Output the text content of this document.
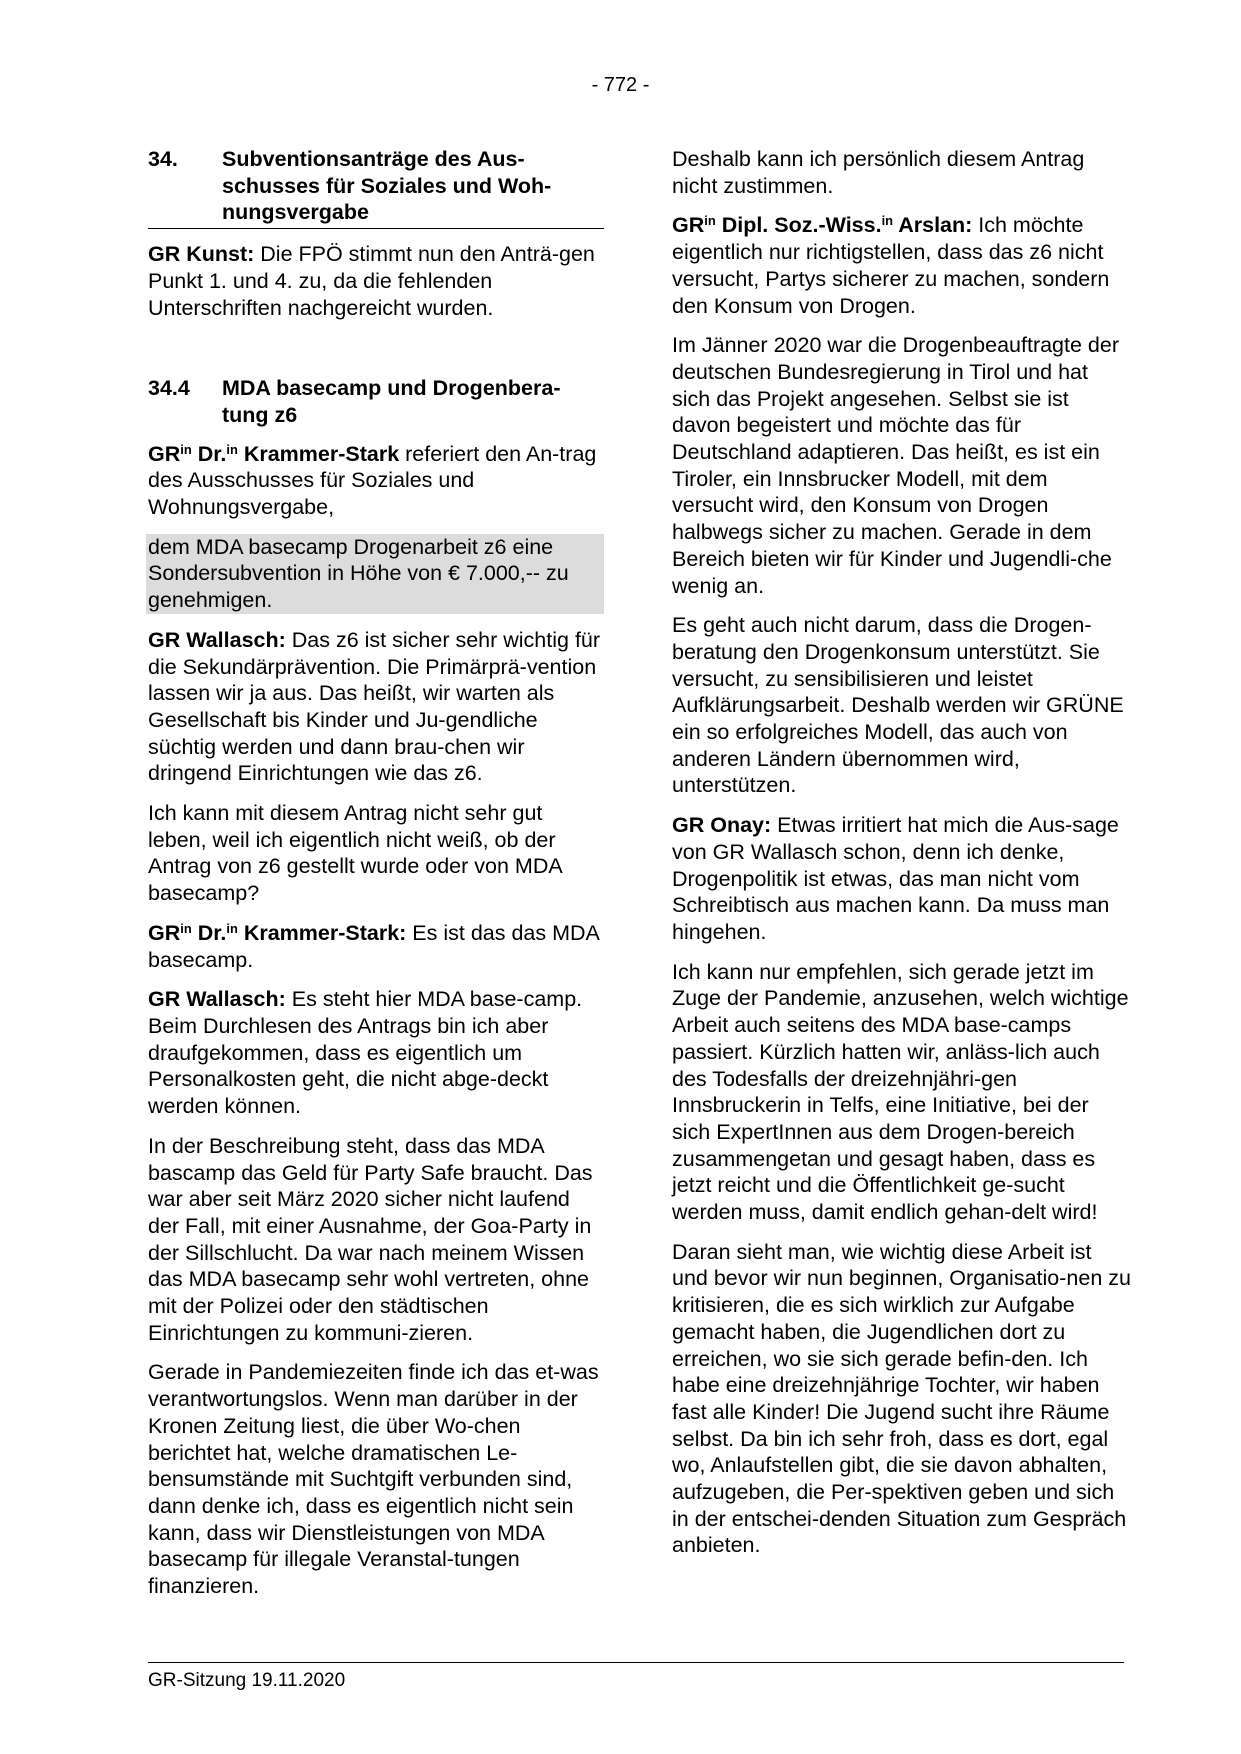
- 772 -
34.	Subventionsanträge des Aus-schusses für Soziales und Woh-nungsvergabe

GR Kunst: Die FPÖ stimmt nun den Anträ-gen Punkt 1. und 4. zu, da die fehlenden Unterschriften nachgereicht wurden.

34.4	MDA basecamp und Drogenbera-tung z6

$GR^{in}$ Dr.$^{in}$ Krammer-Stark referiert den An-trag des Ausschusses für Soziales und Wohnungsvergabe,

dem MDA basecamp Drogenarbeit z6 eine Sondersubvention in Höhe von € 7.000,-- zu genehmigen.

GR Wallasch: Das z6 ist sicher sehr wichtig für die Sekundärprävention. Die Primärprä-vention lassen wir ja aus. Das heißt, wir warten als Gesellschaft bis Kinder und Ju-gendliche süchtig werden und dann brau-chen wir dringend Einrichtungen wie das z6.

Ich kann mit diesem Antrag nicht sehr gut leben, weil ich eigentlich nicht weiß, ob der Antrag von z6 gestellt wurde oder von MDA basecamp?

$GR^{in}$ Dr.$^{in}$ Krammer-Stark: Es ist das das MDA basecamp.

GR Wallasch: Es steht hier MDA base-camp. Beim Durchlesen des Antrags bin ich aber draufgekommen, dass es eigentlich um Personalkosten geht, die nicht abge-deckt werden können.

In der Beschreibung steht, dass das MDA bascamp das Geld für Party Safe braucht. Das war aber seit März 2020 sicher nicht laufend der Fall, mit einer Ausnahme, der Goa-Party in der Sillschlucht. Da war nach meinem Wissen das MDA basecamp sehr wohl vertreten, ohne mit der Polizei oder den städtischen Einrichtungen zu kommuni-zieren.

Gerade in Pandemiezeiten finde ich das et-was verantwortungslos. Wenn man darüber in der Kronen Zeitung liest, die über Wo-chen berichtet hat, welche dramatischen Le-bensumstände mit Suchtgift verbunden sind, dann denke ich, dass es eigentlich nicht sein kann, dass wir Dienstleistungen von MDA basecamp für illegale Veranstal-tungen finanzieren.

Deshalb kann ich persönlich diesem Antrag nicht zustimmen.

$GR^{in}$ Dipl. Soz.-Wiss.$^{in}$ Arslan: Ich möchte eigentlich nur richtigstellen, dass das z6 nicht versucht, Partys sicherer zu machen, sondern den Konsum von Drogen.

Im Jänner 2020 war die Drogenbeauftragte der deutschen Bundesregierung in Tirol und hat sich das Projekt angesehen. Selbst sie ist davon begeistert und möchte das für Deutschland adaptieren. Das heißt, es ist ein Tiroler, ein Innsbrucker Modell, mit dem versucht wird, den Konsum von Drogen halbwegs sicher zu machen. Gerade in dem Bereich bieten wir für Kinder und Jugendli-che wenig an.

Es geht auch nicht darum, dass die Drogen-beratung den Drogenkonsum unterstützt. Sie versucht, zu sensibilisieren und leistet Aufklärungsarbeit. Deshalb werden wir GRÜNE ein so erfolgreiches Modell, das auch von anderen Ländern übernommen wird, unterstützen.

GR Onay: Etwas irritiert hat mich die Aus-sage von GR Wallasch schon, denn ich denke, Drogenpolitik ist etwas, das man nicht vom Schreibtisch aus machen kann. Da muss man hingehen.

Ich kann nur empfehlen, sich gerade jetzt im Zuge der Pandemie, anzusehen, welch wichtige Arbeit auch seitens des MDA base-camps passiert. Kürzlich hatten wir, anläss-lich auch des Todesfalls der dreizehnjähri-gen Innsbruckerin in Telfs, eine Initiative, bei der sich ExpertInnen aus dem Drogen-bereich zusammengetan und gesagt haben, dass es jetzt reicht und die Öffentlichkeit ge-sucht werden muss, damit endlich gehan-delt wird!

Daran sieht man, wie wichtig diese Arbeit ist und bevor wir nun beginnen, Organisatio-nen zu kritisieren, die es sich wirklich zur Aufgabe gemacht haben, die Jugendlichen dort zu erreichen, wo sie sich gerade befin-den. Ich habe eine dreizehnjährige Tochter, wir haben fast alle Kinder! Die Jugend sucht ihre Räume selbst. Da bin ich sehr froh, dass es dort, egal wo, Anlaufstellen gibt, die sie davon abhalten, aufzugeben, die Per-spektiven geben und sich in der entschei-denden Situation zum Gespräch anbieten.

GR-Sitzung 19.11.2020
